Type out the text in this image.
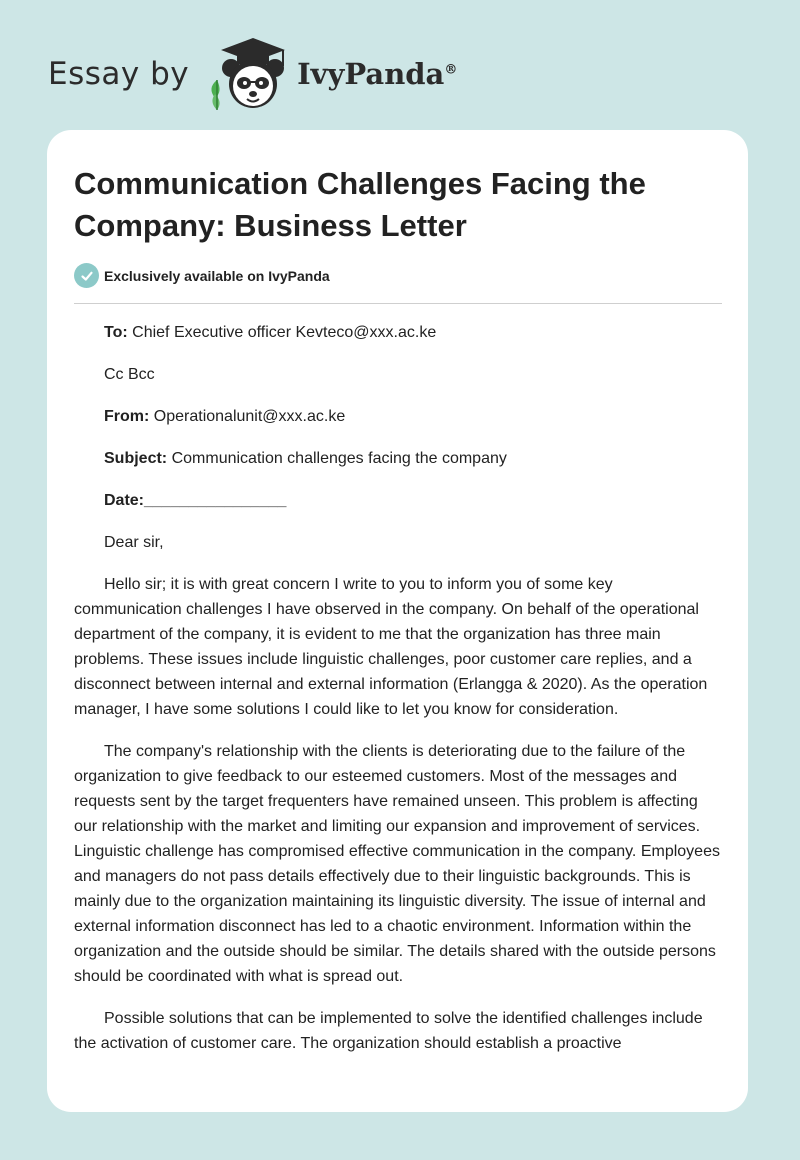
Essay by	IvyPanda®
Communication Challenges Facing the Company: Business Letter
Exclusively available on IvyPanda

To: Chief Executive officer Kevteco@xxx.ac.ke

Cc Bcc

From: Operationalunit@xxx.ac.ke

Subject: Communication challenges facing the company

Date:________________

Dear sir,

Hello sir; it is with great concern I write to you to inform you of some key communication challenges I have observed in the company. On behalf of the operational department of the company, it is evident to me that the organization has three main problems. These issues include linguistic challenges, poor customer care replies, and a disconnect between internal and external information (Erlangga & 2020). As the operation manager, I have some solutions I could like to let you know for consideration.

The company's relationship with the clients is deteriorating due to the failure of the organization to give feedback to our esteemed customers. Most of the messages and requests sent by the target frequenters have remained unseen. This problem is affecting our relationship with the market and limiting our expansion and improvement of services. Linguistic challenge has compromised effective communication in the company. Employees and managers do not pass details effectively due to their linguistic backgrounds. This is mainly due to the organization maintaining its linguistic diversity. The issue of internal and external information disconnect has led to a chaotic environment. Information within the organization and the outside should be similar. The details shared with the outside persons should be coordinated with what is spread out.

Possible solutions that can be implemented to solve the identified challenges include the activation of customer care. The organization should establish a proactive
